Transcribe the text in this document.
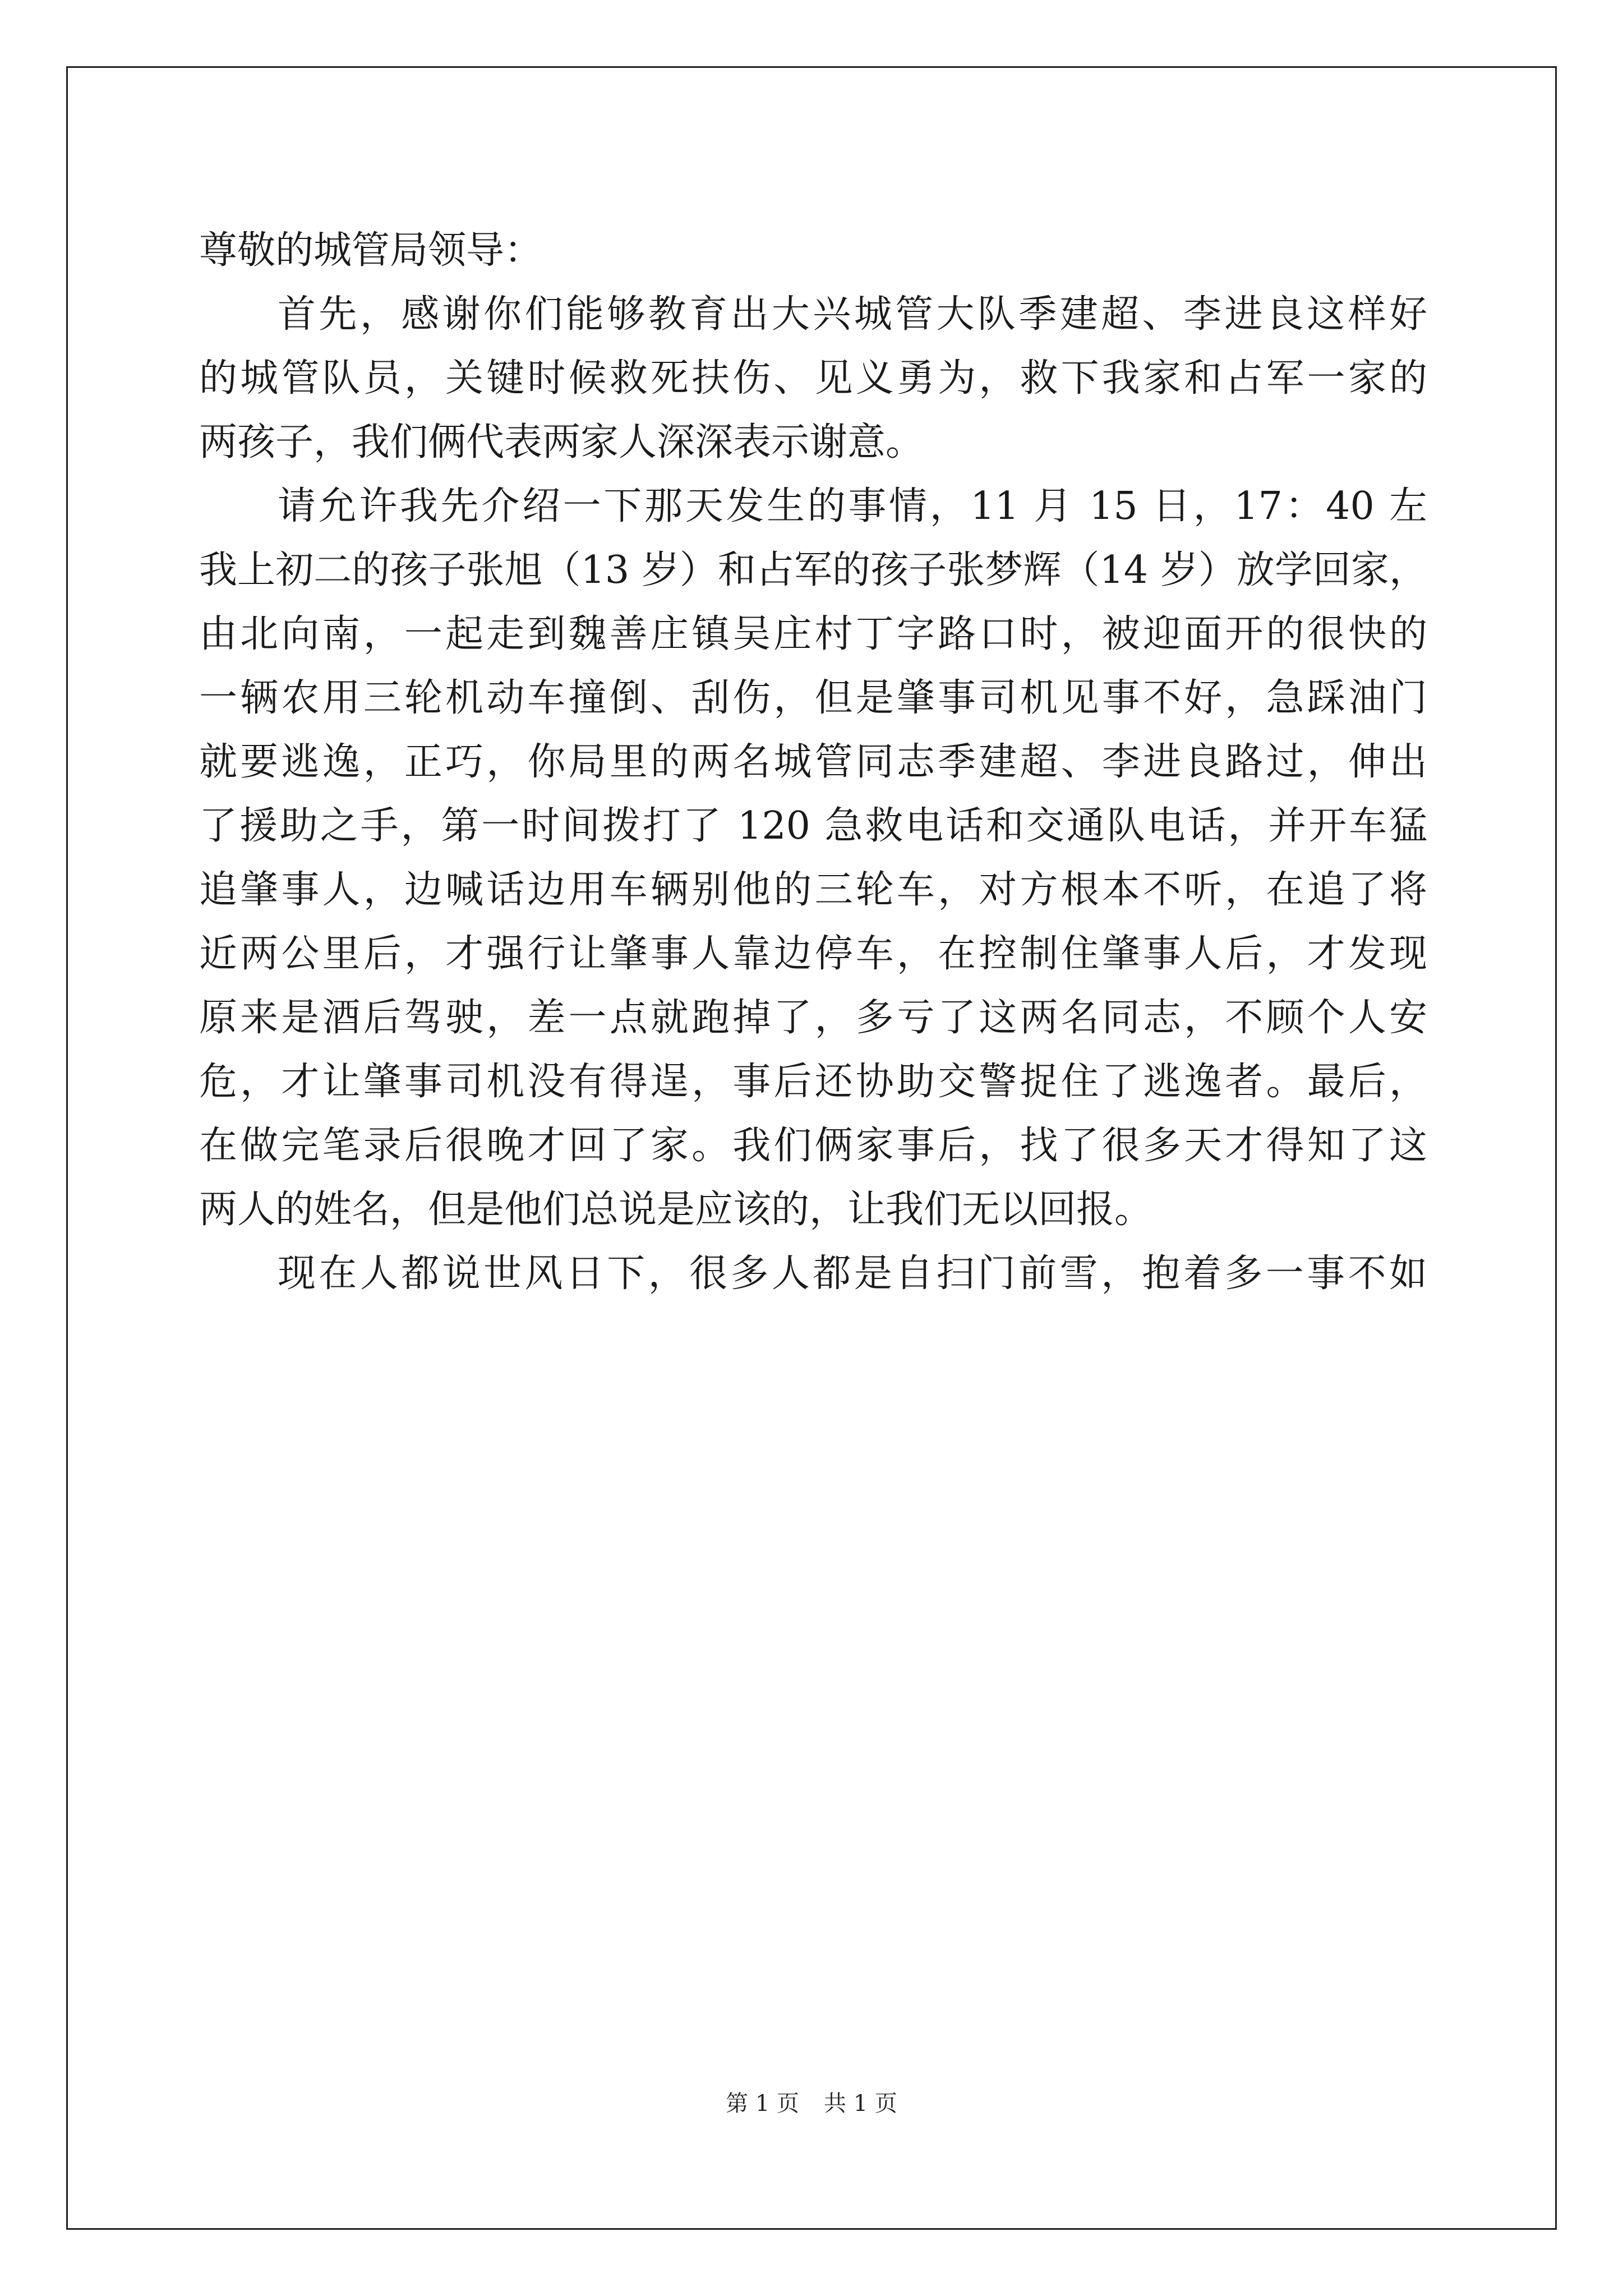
尊敬的城管局领导：

首先，感谢你们能够教育出大兴城管大队季建超、李进良这样好

的城管队员，关键时候救死扶伤、见义勇为，救下我家和占军一家的

两孩子，我们俩代表两家人深深表示谢意。

请允许我先介绍一下那天发生的事情，11 月 15 日，17：40 左

我上初二的孩子张旭（13 岁）和占军的孩子张梦辉（14 岁）放学回家，

由北向南，一起走到魏善庄镇吴庄村丁字路口时，被迎面开的很快的

一辆农用三轮机动车撞倒、刮伤，但是肇事司机见事不好，急踩油门

就要逃逸，正巧，你局里的两名城管同志季建超、李进良路过，伸出

了援助之手，第一时间拨打了 120 急救电话和交通队电话，并开车猛

追肇事人，边喊话边用车辆别他的三轮车，对方根本不听，在追了将

近两公里后，才强行让肇事人靠边停车，在控制住肇事人后，才发现

原来是酒后驾驶，差一点就跑掉了，多亏了这两名同志，不顾个人安

危，才让肇事司机没有得逞，事后还协助交警捉住了逃逸者。最后，

在做完笔录后很晚才回了家。我们俩家事后，找了很多天才得知了这

两人的姓名，但是他们总说是应该的，让我们无以回报。

现在人都说世风日下，很多人都是自扫门前雪，抱着多一事不如

第 1 页 共 1 页
